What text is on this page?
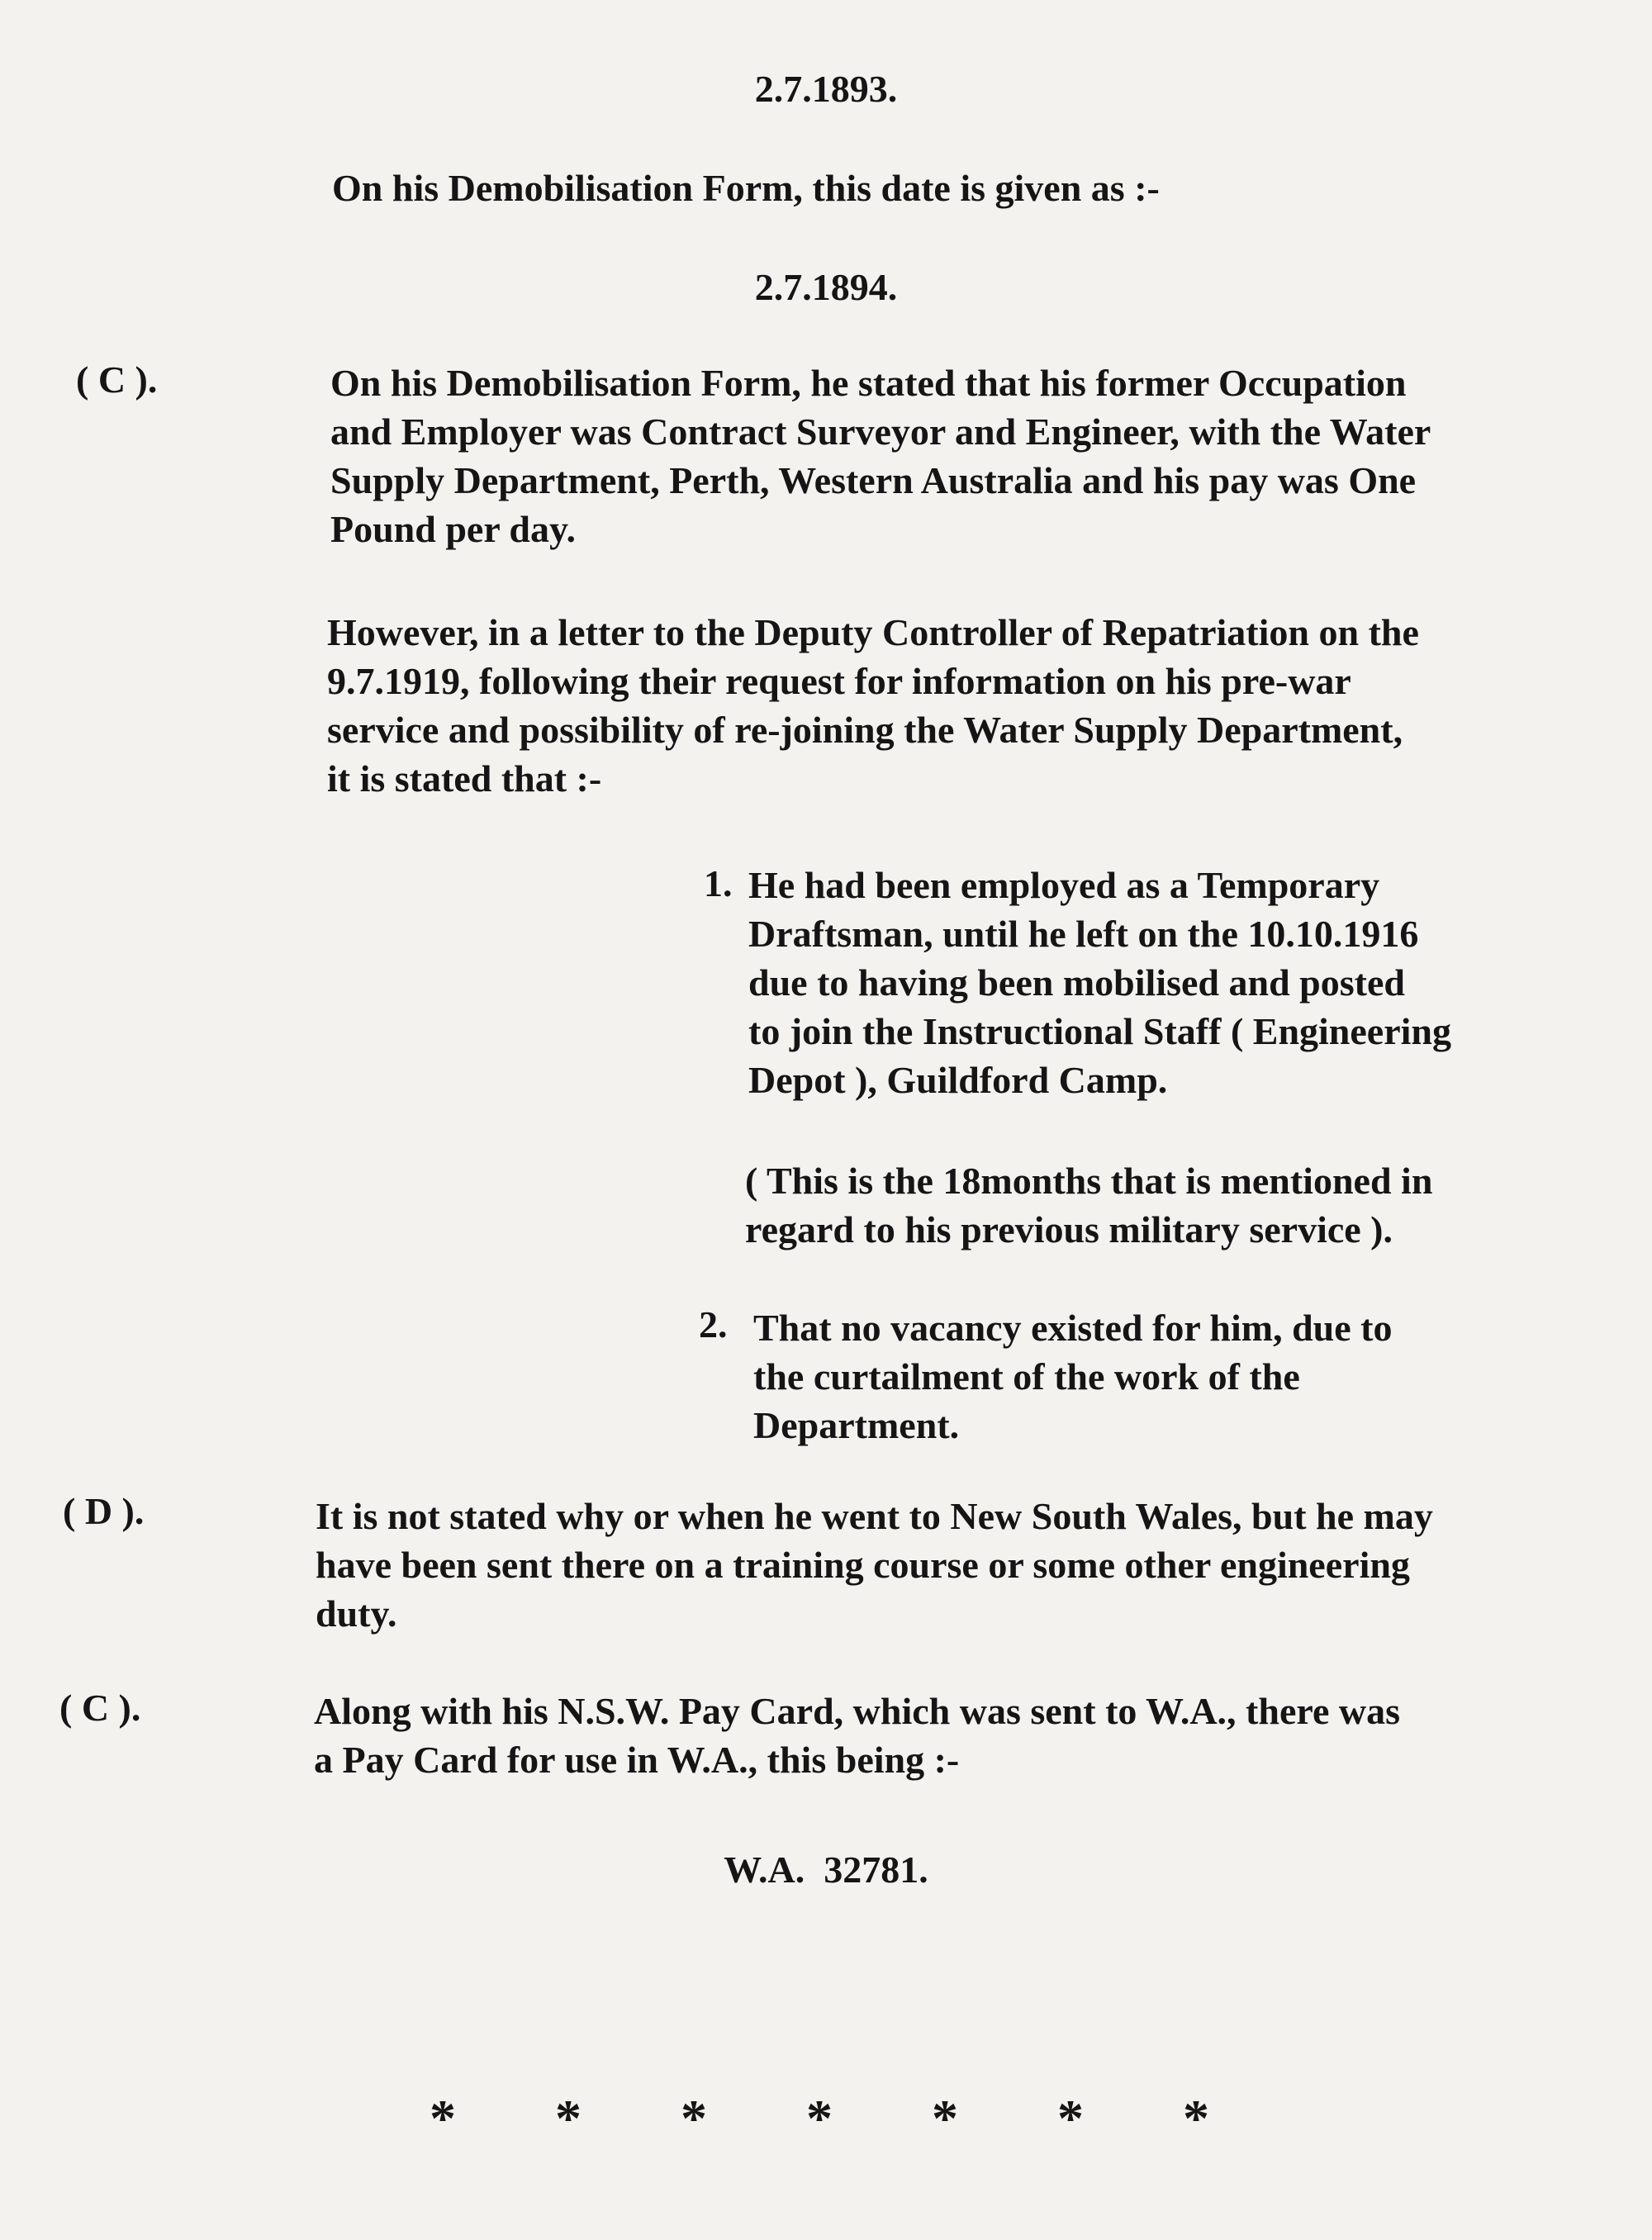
2.7.1893.
On his Demobilisation Form, this date is given as :-
2.7.1894.
( C ).	On his Demobilisation Form, he stated that his former Occupation
and Employer was Contract Surveyor and Engineer, with the Water
Supply Department, Perth, Western Australia and his pay was One
Pound per day.
However, in a letter to the Deputy Controller of Repatriation on the
9.7.1919, following their request for information on his pre-war
service and possibility of re-joining the Water Supply Department,
it is stated that :-
1. He had been employed as a Temporary
Draftsman, until he left on the 10.10.1916
due to having been mobilised and posted
to join the Instructional Staff ( Engineering
Depot ), Guildford Camp.
( This is the 18months that is mentioned in
regard to his previous military service ).
2. That no vacancy existed for him, due to
the curtailment of the work of the
Department.
( D ).	It is not stated why or when he went to New South Wales, but he may
have been sent there on a training course or some other engineering
duty.
( C ).	Along with his N.S.W. Pay Card, which was sent to W.A., there was
a Pay Card for use in W.A., this being :-
W.A.  32781.
* * * * * * *
